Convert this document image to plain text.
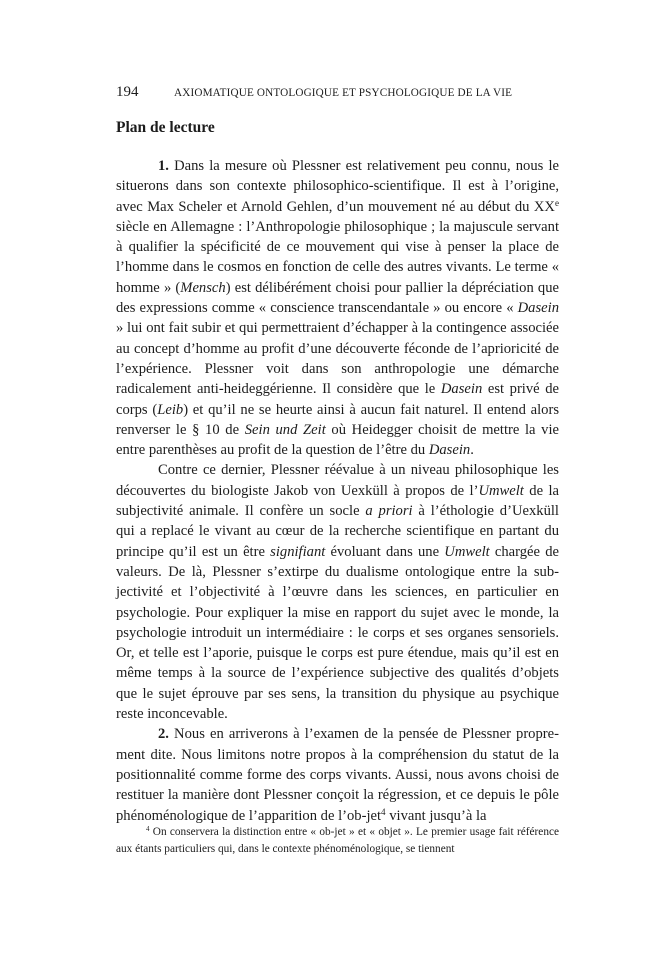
194	AXIOMATIQUE ONTOLOGIQUE ET PSYCHOLOGIQUE DE LA VIE
Plan de lecture

1. Dans la mesure où Plessner est relativement peu connu, nous le situerons dans son contexte philosophico-scientifique. Il est à l’origine, avec Max Scheler et Arnold Gehlen, d’un mouvement né au début du XXe siècle en Allemagne : l’Anthropologie philosophique ; la majuscule servant à qualifier la spécificité de ce mouvement qui vise à penser la place de l’homme dans le cosmos en fonction de celle des autres vivants. Le terme « homme » (Mensch) est délibérément choisi pour pallier la dépréciation que des expressions comme « conscience transcendantale » ou encore « Dasein » lui ont fait subir et qui permettraient d’échapper à la contingence associée au concept d’homme au profit d’une découverte féconde de l’aprioricité de l’expérience. Plessner voit dans son anthropologie une démarche radicalement anti-heideggérienne. Il considère que le Dasein est privé de corps (Leib) et qu’il ne se heurte ainsi à aucun fait naturel. Il entend alors renverser le § 10 de Sein und Zeit où Heidegger choisit de mettre la vie entre parenthèses au profit de la question de l’être du Dasein.

Contre ce dernier, Plessner réévalue à un niveau philosophique les découvertes du biologiste Jakob von Uexküll à propos de l’Umwelt de la subjectivité animale. Il confère un socle a priori à l’éthologie d’Uexküll qui a replacé le vivant au cœur de la recherche scientifique en partant du principe qu’il est un être signifiant évoluant dans une Umwelt chargée de valeurs. De là, Plessner s’extirpe du dualisme ontologique entre la subjectivité et l’objectivité à l’œuvre dans les sciences, en particulier en psychologie. Pour expliquer la mise en rapport du sujet avec le monde, la psychologie introduit un intermédiaire : le corps et ses organes sensoriels. Or, et telle est l’aporie, puisque le corps est pure étendue, mais qu’il est en même temps à la source de l’expérience subjective des qualités d’objets que le sujet éprouve par ses sens, la transition du physique au psychique reste inconcevable.

2. Nous en arriverons à l’examen de la pensée de Plessner proprement dite. Nous limitons notre propos à la compréhension du statut de la positionnalité comme forme des corps vivants. Aussi, nous avons choisi de restituer la manière dont Plessner conçoit la régression, et ce depuis le pôle phénoménologique de l’apparition de l’ob-jet$^4$ vivant jusqu’à la

$^4$ On conservera la distinction entre « ob-jet » et « objet ». Le premier usage fait référence aux étants particuliers qui, dans le contexte phénoménologique, se tiennent
